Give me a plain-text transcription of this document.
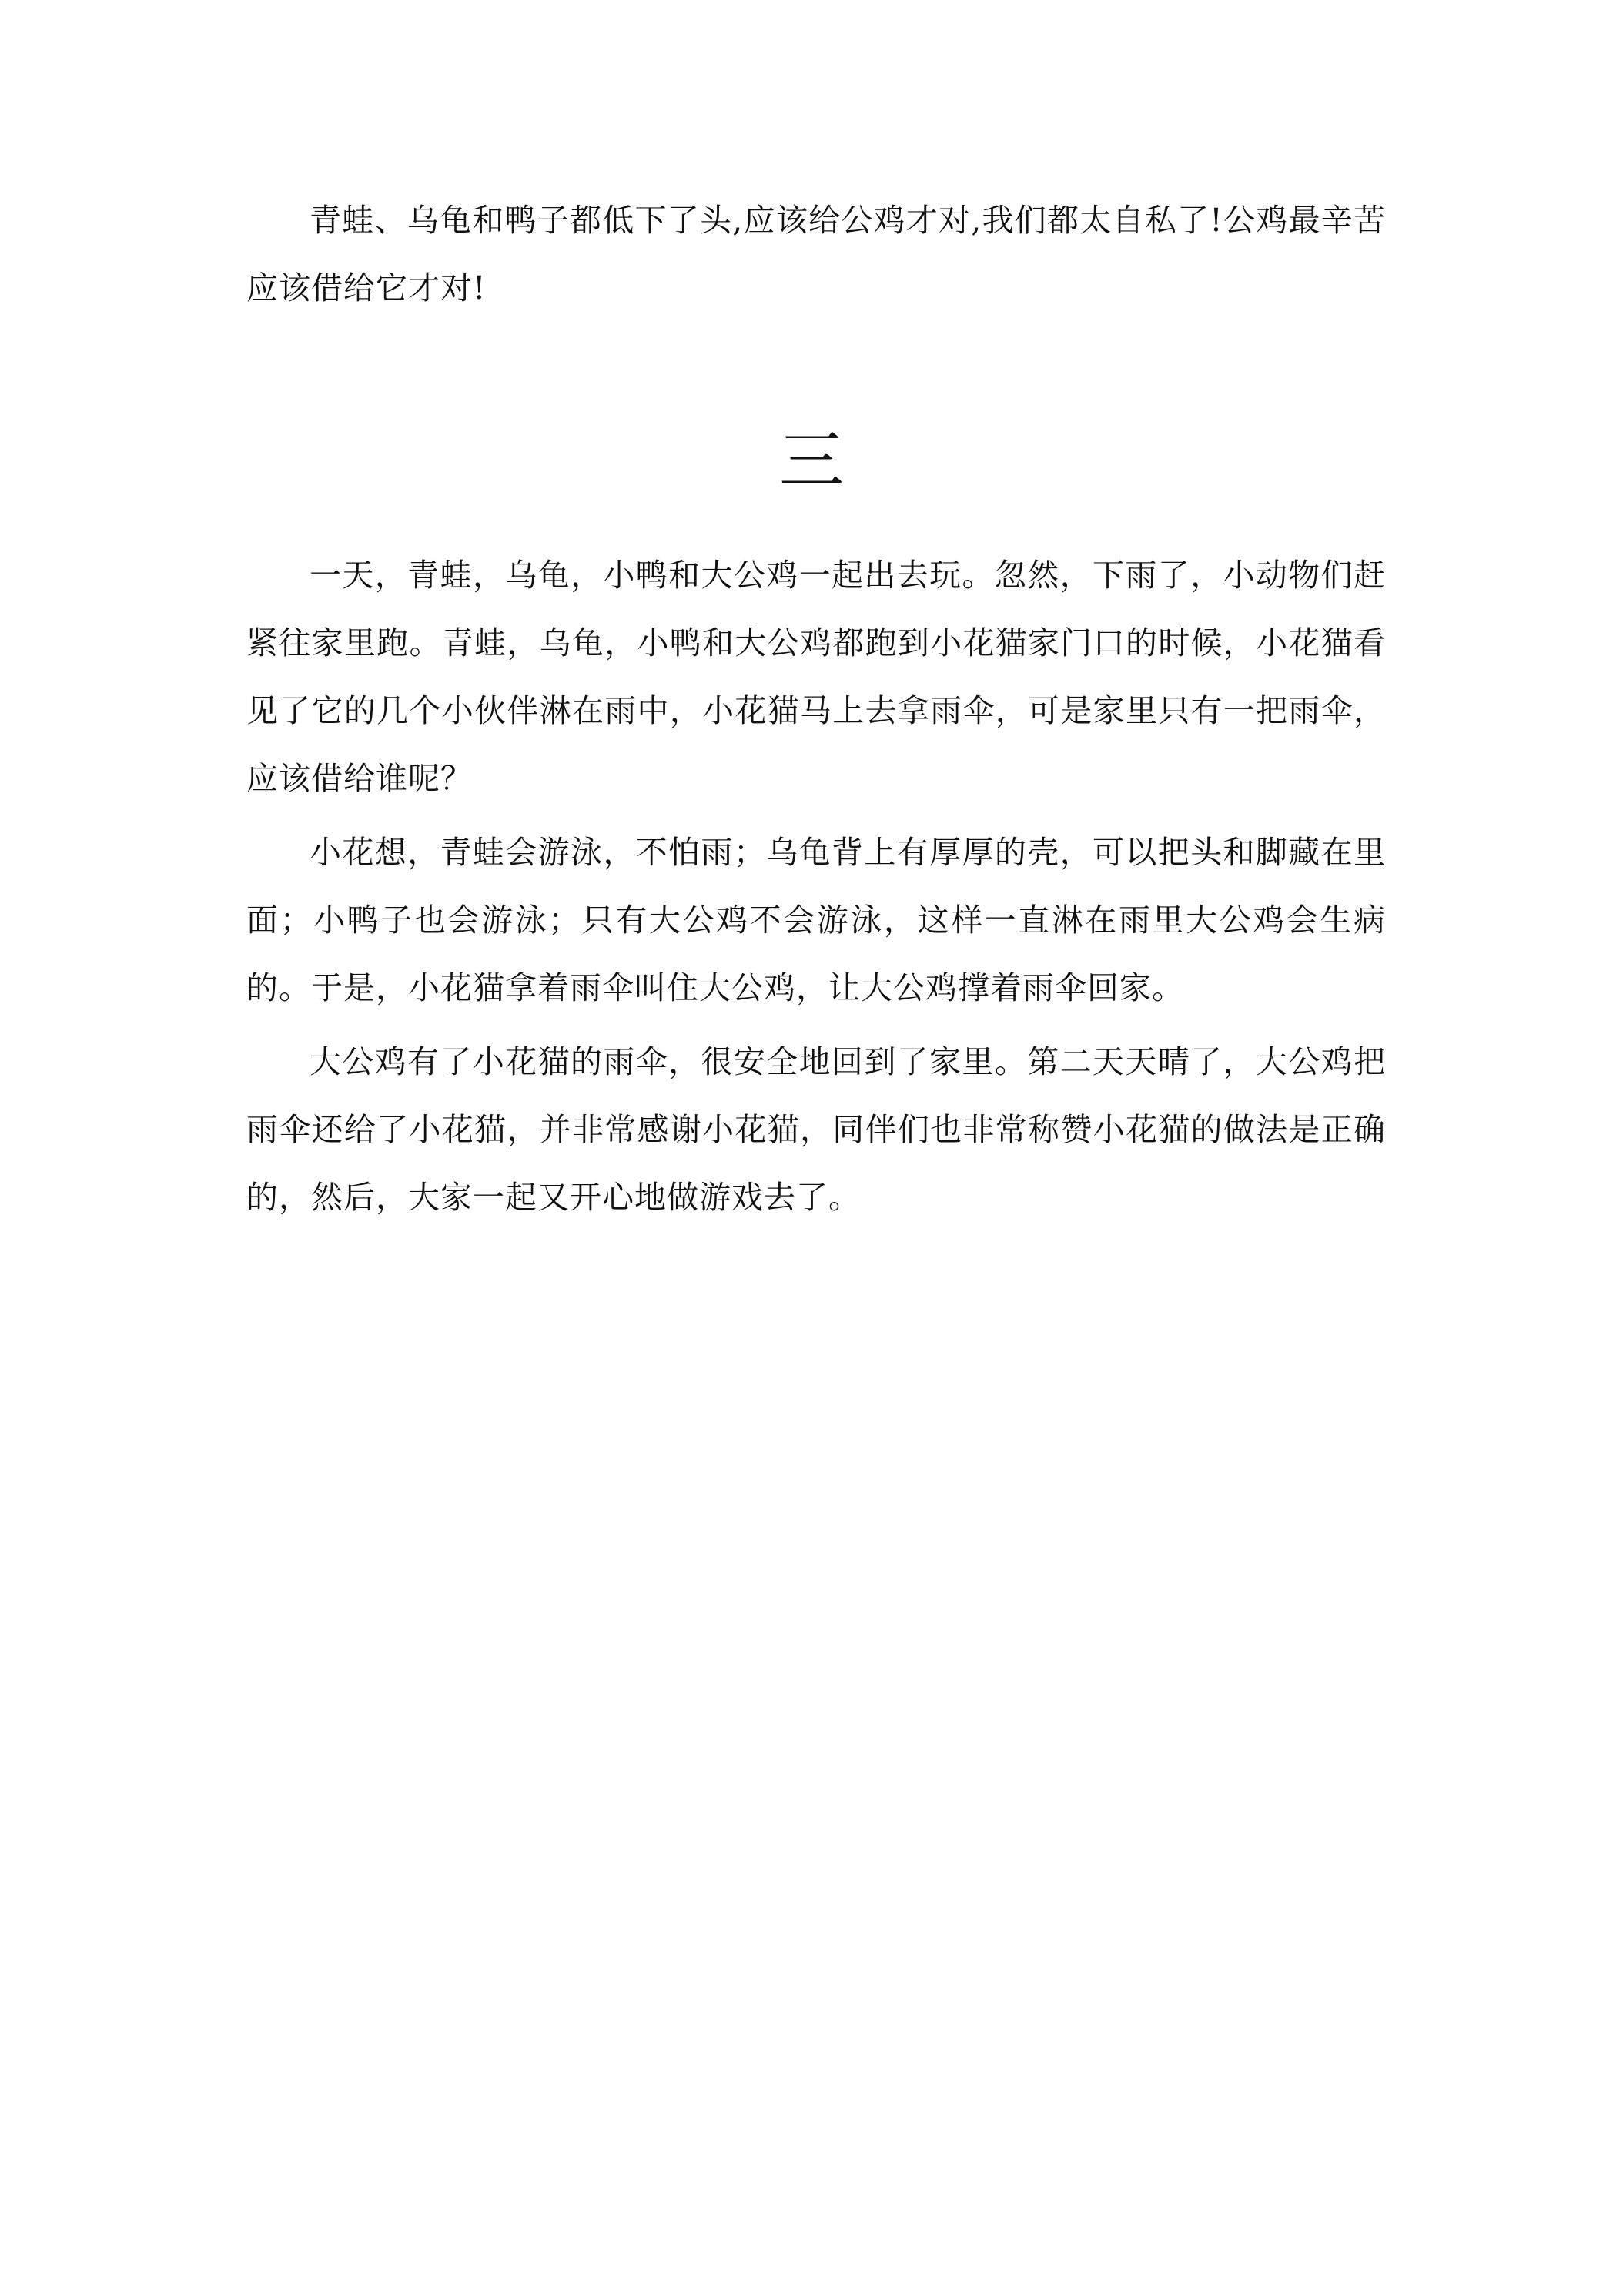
青蛙、乌龟和鸭子都低下了头,应该给公鸡才对,我们都太自私了!公鸡最辛苦应该借给它才对!

三

一天，青蛙，乌龟，小鸭和大公鸡一起出去玩。忽然，下雨了，小动物们赶紧往家里跑。青蛙，乌龟，小鸭和大公鸡都跑到小花猫家门口的时候，小花猫看见了它的几个小伙伴淋在雨中，小花猫马上去拿雨伞，可是家里只有一把雨伞，应该借给谁呢？

小花想，青蛙会游泳，不怕雨；乌龟背上有厚厚的壳，可以把头和脚藏在里面；小鸭子也会游泳；只有大公鸡不会游泳，这样一直淋在雨里大公鸡会生病的。于是，小花猫拿着雨伞叫住大公鸡，让大公鸡撑着雨伞回家。

大公鸡有了小花猫的雨伞，很安全地回到了家里。第二天天晴了，大公鸡把雨伞还给了小花猫，并非常感谢小花猫，同伴们也非常称赞小花猫的做法是正确的，然后，大家一起又开心地做游戏去了。
